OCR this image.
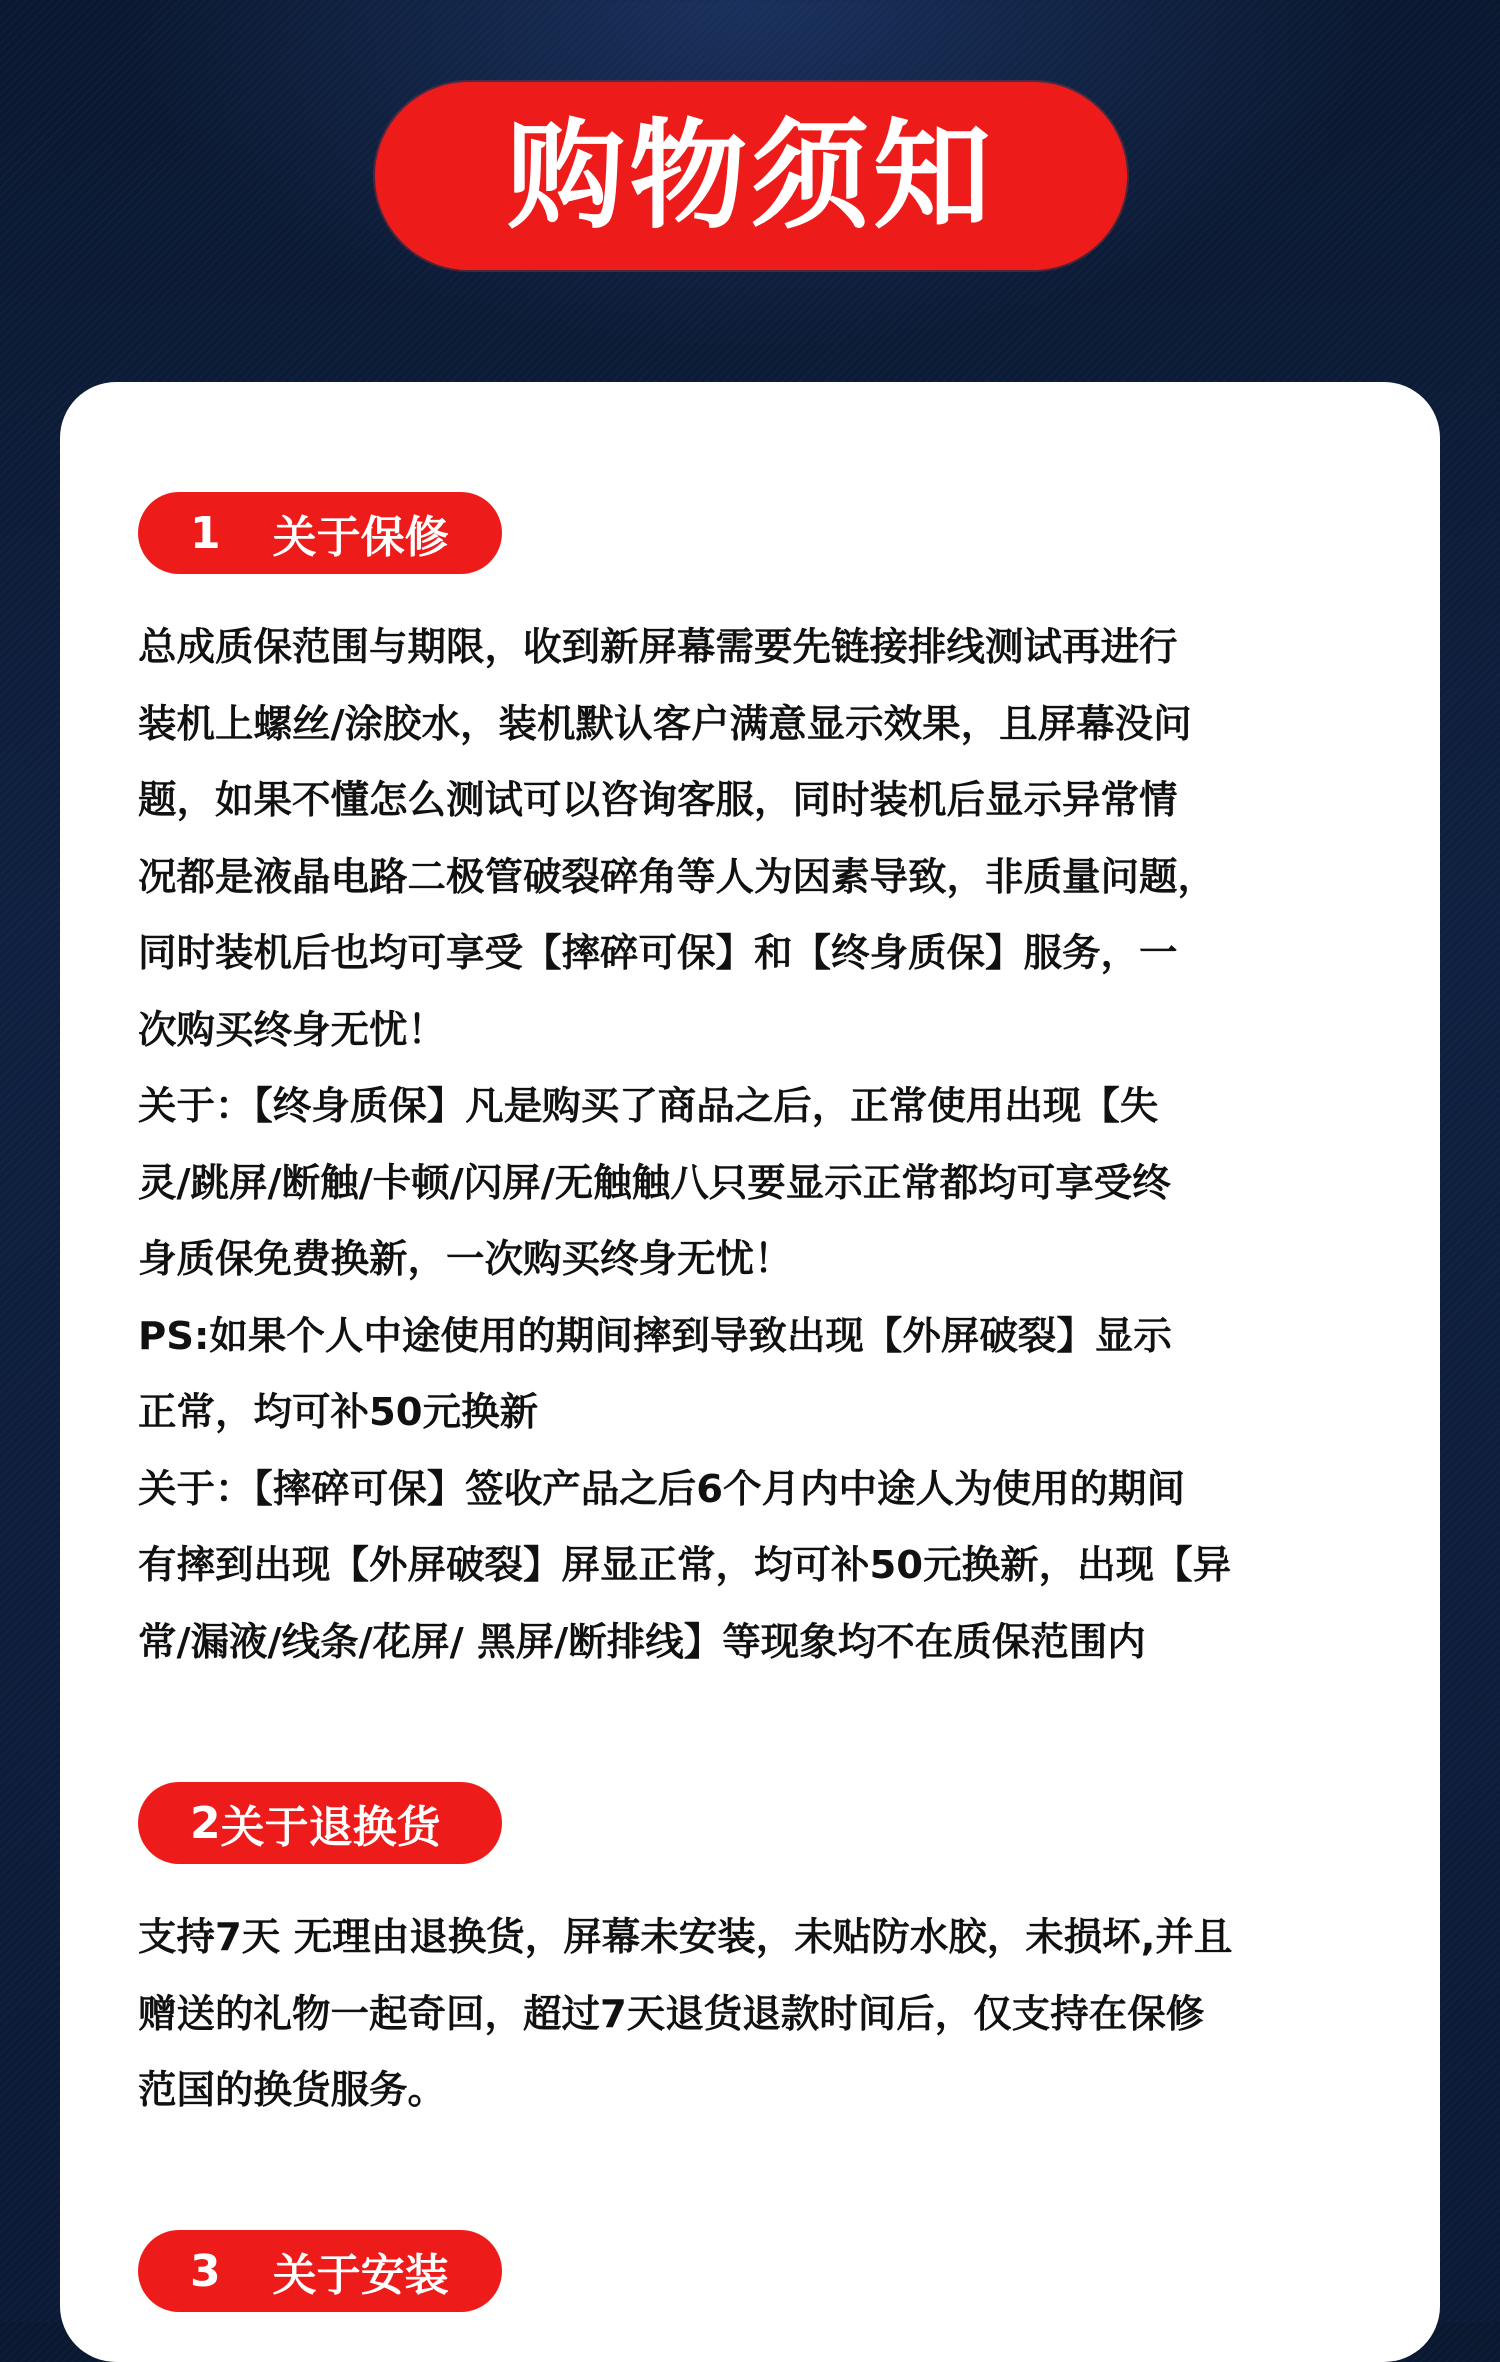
购物须知
1 关于保修

总成质保范围与期限，收到新屏幕需要先链接排线测试再进行

装机上螺丝/涂胶水，装机默认客户满意显示效果，且屏幕没问

题，如果不懂怎么测试可以咨询客服，同时装机后显示异常情

况都是液晶电路二极管破裂碎角等人为因素导致，非质量问题，

同时装机后也均可享受【摔碎可保】和【终身质保】服务，一

次购买终身无忧！

关于：【终身质保】凡是购买了商品之后，正常使用出现【失

灵/跳屏/断触/卡顿/闪屏/无触触八只要显示正常都均可享受终

身质保免费换新，一次购买终身无忧！

PS:如果个人中途使用的期间摔到导致出现【外屏破裂】显示

正常，均可补50元换新

关于：【摔碎可保】签收产品之后6个月内中途人为使用的期间

有摔到出现【外屏破裂】屏显正常，均可补50元换新，出现【异

常/漏液/线条/花屏/ 黑屏/断排线】等现象均不在质保范围内

2 关于退换货

支持7天 无理由退换货，屏幕未安装，未贴防水胶，未损坏,并且

赠送的礼物一起奇回，超过7天退货退款时间后，仅支持在保修

范国的换货服务。

3 关于安装
